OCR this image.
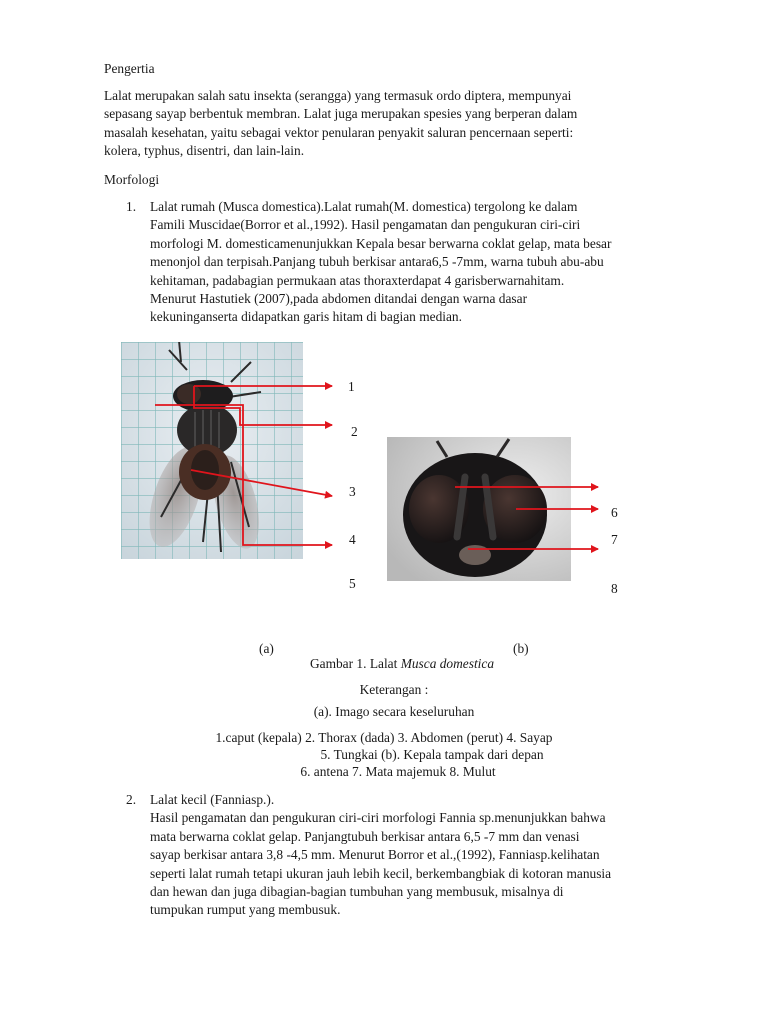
Pengertia
Lalat merupakan salah satu insekta (serangga) yang termasuk ordo diptera, mempunyai
sepasang sayap berbentuk membran. Lalat juga merupakan spesies yang berperan dalam
masalah kesehatan, yaitu sebagai vektor penularan penyakit saluran pencernaan seperti:
kolera, typhus, disentri, dan lain-lain.
Morfologi
1. Lalat rumah (Musca domestica).Lalat rumah(M. domestica) tergolong ke dalam
Famili Muscidae(Borror et al.,1992). Hasil pengamatan dan pengukuran ciri-ciri
morfologi M. domesticamenunjukkan Kepala besar berwarna coklat gelap, mata besar
menonjol dan terpisah.Panjang tubuh berkisar antara6,5 -7mm, warna tubuh abu-abu
kehitaman, padabagian permukaan atas thoraxterdapat 4 garisberwarnahitam.
Menurut Hastutiek (2007),pada abdomen ditandai dengan warna dasar
kekuninganserta didapatkan garis hitam di bagian median.
1
2
3
4
5
6
7
8
(a)	(b)
Gambar 1. Lalat Musca domestica
Keterangan :
(a). Imago secara keseluruhan
1.caput (kepala) 2. Thorax (dada) 3. Abdomen (perut) 4. Sayap
5. Tungkai (b). Kepala tampak dari depan
6. antena 7. Mata majemuk 8. Mulut
2. Lalat kecil (Fanniasp.).
Hasil pengamatan dan pengukuran ciri-ciri morfologi Fannia sp.menunjukkan bahwa
mata berwarna coklat gelap. Panjangtubuh berkisar antara 6,5 -7 mm dan venasi
sayap berkisar antara 3,8 -4,5 mm. Menurut Borror et al.,(1992), Fanniasp.kelihatan
seperti lalat rumah tetapi ukuran jauh lebih kecil, berkembangbiak di kotoran manusia
dan hewan dan juga dibagian-bagian tumbuhan yang membusuk, misalnya di
tumpukan rumput yang membusuk.
